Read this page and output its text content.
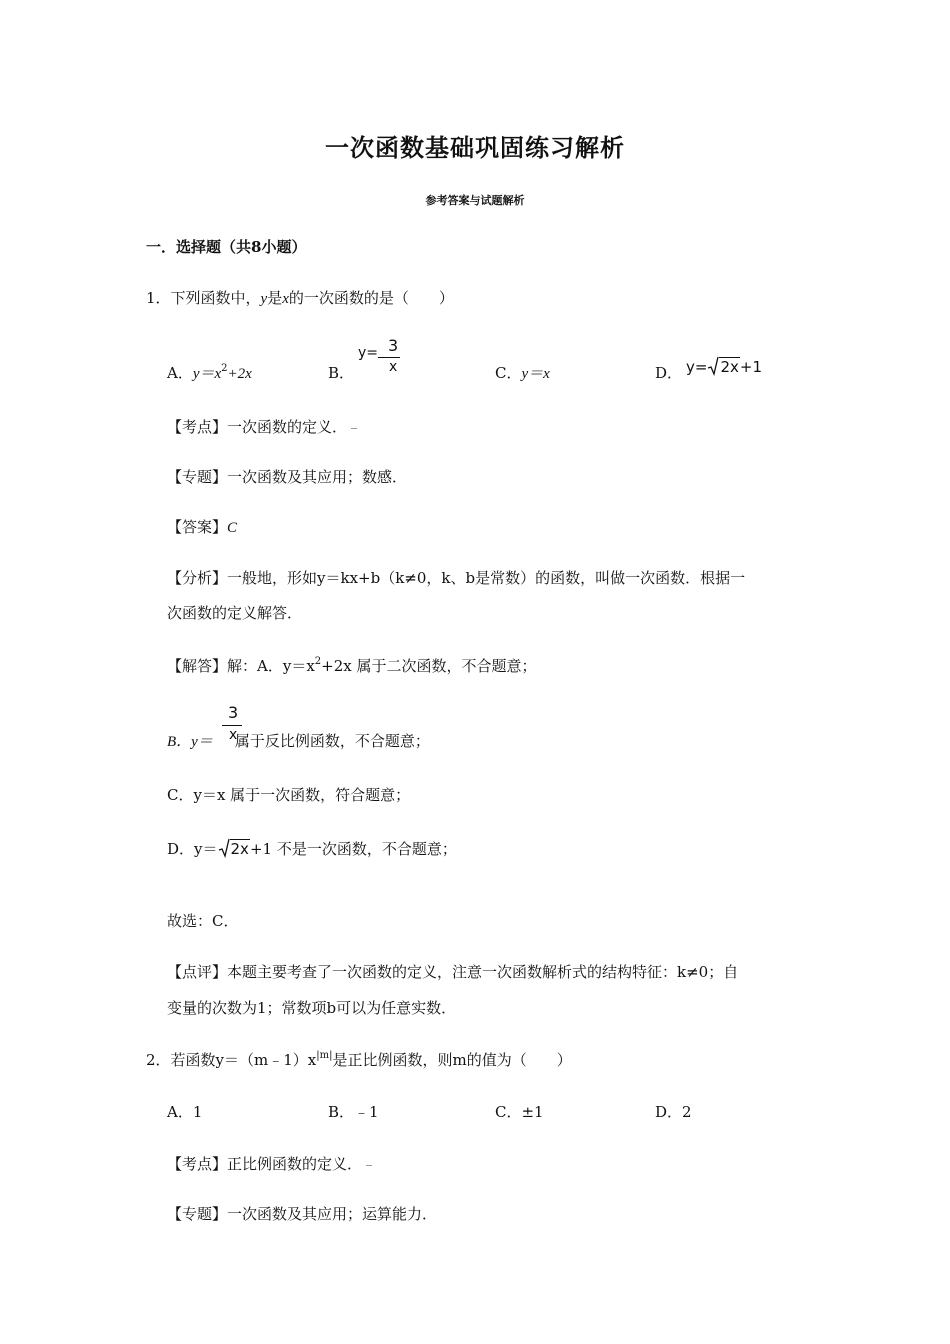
一次函数基础巩固练习解析
参考答案与试题解析
一．选择题（共8小题）
1．下列函数中，y是x的一次函数的是（　　）
A．$y=x^2+2x$	B．
y= 3
x	C．y＝x	D． y= 2x+1
【考点】一次函数的定义．
【专题】一次函数及其应用；数感．
【答案】C
【分析】一般地，形如y＝kx+b（k≠0，k、b是常数）的函数，叫做一次函数．根据一
次函数的定义解答．
【解答】解：A．$y=x^2+2x$ 属于二次函数，不合题意；
B．y＝ 属于反比例函数，不合题意；
3
x
C．y＝x 属于一次函数，符合题意；
D．y＝ 2x+1 不是一次函数，不合题意；
故选：C．
【点评】本题主要考查了一次函数的定义，注意一次函数解析式的结构特征：k≠0；自
变量的次数为1；常数项b可以为任意实数．
2．若函数$y=(m﹣1)x^{|m|}$是正比例函数，则m的值为（　　）
A．1	B．﹣1	C．±1	D．2
【考点】正比例函数的定义．
【专题】一次函数及其应用；运算能力．
